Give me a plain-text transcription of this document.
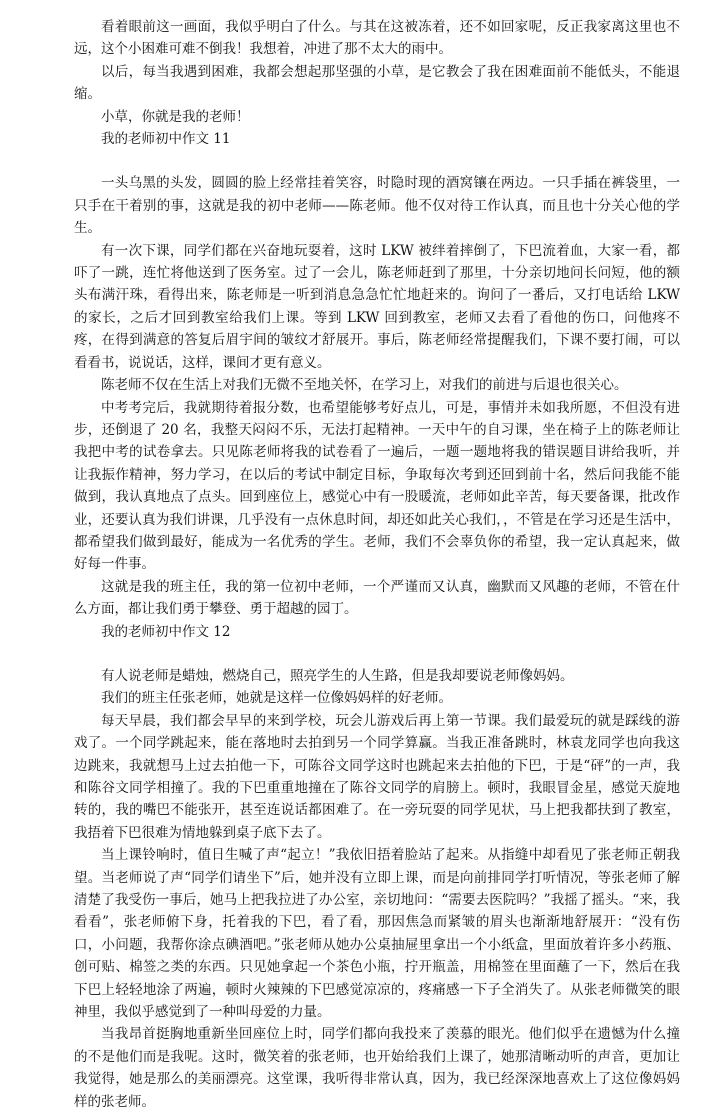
看着眼前这一画面，我似乎明白了什么。与其在这被冻着，还不如回家呢，反正我家离这里也不远，这个小困难可难不倒我！我想着，冲进了那不太大的雨中。

以后，每当我遇到困难，我都会想起那坚强的小草，是它教会了我在困难面前不能低头，不能退缩。

小草，你就是我的老师！

我的老师初中作文 11

一头乌黑的头发，圆圆的脸上经常挂着笑容，时隐时现的酒窝镶在两边。一只手插在裤袋里，一只手在干着别的事，这就是我的初中老师——陈老师。他不仅对待工作认真，而且也十分关心他的学生。

有一次下课，同学们都在兴奋地玩耍着，这时 LKW 被绊着摔倒了，下巴流着血，大家一看，都吓了一跳，连忙将他送到了医务室。过了一会儿，陈老师赶到了那里，十分亲切地问长问短，他的额头布满汗珠，看得出来，陈老师是一听到消息急急忙忙地赶来的。询问了一番后，又打电话给 LKW 的家长，之后才回到教室给我们上课。等到 LKW 回到教室，老师又去看了看他的伤口，问他疼不疼，在得到满意的答复后眉宇间的皱纹才舒展开。事后，陈老师经常提醒我们，下课不要打闹，可以看看书，说说话，这样，课间才更有意义。

陈老师不仅在生活上对我们无微不至地关怀，在学习上，对我们的前进与后退也很关心。

中考考完后，我就期待着报分数，也希望能够考好点儿，可是，事情并未如我所愿，不但没有进步，还倒退了 20 名，我整天闷闷不乐，无法打起精神。一天中午的自习课，坐在椅子上的陈老师让我把中考的试卷拿去。只见陈老师将我的试卷看了一遍后，一题一题地将我的错误题目讲给我听，并让我振作精神，努力学习，在以后的考试中制定目标，争取每次考到还回到前十名，然后问我能不能做到，我认真地点了点头。回到座位上，感觉心中有一股暖流，老师如此辛苦，每天要备课，批改作业，还要认真为我们讲课，几乎没有一点休息时间，却还如此关心我们，，不管是在学习还是生活中，都希望我们做到最好，能成为一名优秀的学生。老师，我们不会辜负你的希望，我一定认真起来，做好每一件事。

这就是我的班主任，我的第一位初中老师，一个严谨而又认真，幽默而又风趣的老师，不管在什么方面，都让我们勇于攀登、勇于超越的园丁。

我的老师初中作文 12

有人说老师是蜡烛，燃烧自己，照亮学生的人生路，但是我却要说老师像妈妈。

我们的班主任张老师，她就是这样一位像妈妈样的好老师。

每天早晨，我们都会早早的来到学校，玩会儿游戏后再上第一节课。我们最爱玩的就是踩线的游戏了。一个同学跳起来，能在落地时去拍到另一个同学算赢。当我正准备跳时，林袁龙同学也向我这边跳来，我就想马上过去拍他一下，可陈谷文同学这时也跳起来去拍他的下巴，于是“砰”的一声，我和陈谷文同学相撞了。我的下巴重重地撞在了陈谷文同学的肩膀上。顿时，我眼冒金星，感觉天旋地转的，我的嘴巴不能张开，甚至连说话都困难了。在一旁玩耍的同学见状，马上把我都扶到了教室，我捂着下巴很难为情地躲到桌子底下去了。

当上课铃响时，值日生喊了声“起立！”我依旧捂着脸站了起来。从指缝中却看见了张老师正朝我望。当老师说了声“同学们请坐下”后，她并没有立即上课，而是向前排同学打听情况，等张老师了解清楚了我受伤一事后，她马上把我拉进了办公室，亲切地问：“需要去医院吗？”我摇了摇头。“来，我看看”，张老师俯下身，托着我的下巴，看了看，那因焦急而紧皱的眉头也渐渐地舒展开：“没有伤口，小问题，我帮你涂点碘酒吧。”张老师从她办公桌抽屉里拿出一个小纸盒，里面放着许多小药瓶、创可贴、棉签之类的东西。只见她拿起一个茶色小瓶，拧开瓶盖，用棉签在里面蘸了一下，然后在我下巴上轻轻地涂了两遍，顿时火辣辣的下巴感觉凉凉的，疼痛感一下子全消失了。从张老师微笑的眼神里，我似乎感觉到了一种叫母爱的力量。

当我昂首挺胸地重新坐回座位上时，同学们都向我投来了羡慕的眼光。他们似乎在遗憾为什么撞的不是他们而是我呢。这时，微笑着的张老师，也开始给我们上课了，她那清晰动听的声音，更加让我觉得，她是那么的美丽漂亮。这堂课，我听得非常认真，因为，我已经深深地喜欢上了这位像妈妈样的张老师。
